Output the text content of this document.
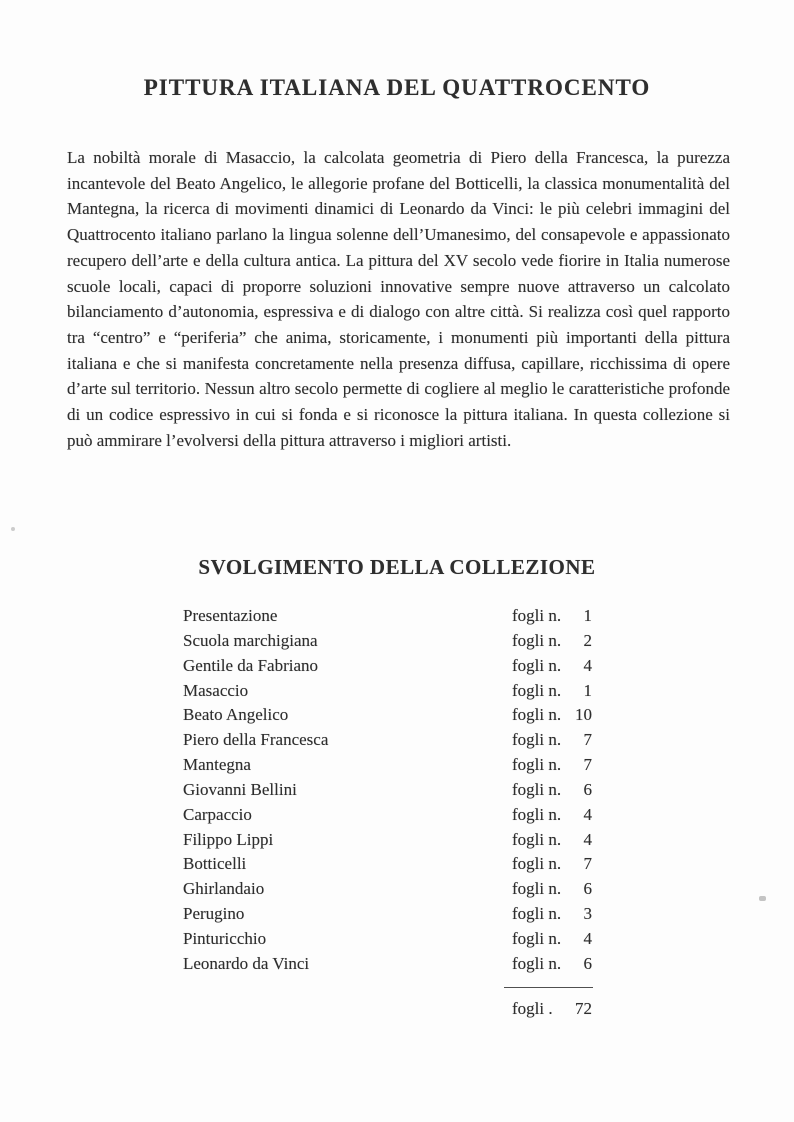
PITTURA ITALIANA DEL QUATTROCENTO
La nobiltà morale di Masaccio, la calcolata geometria di Piero della Francesca, la purezza incantevole del Beato Angelico, le allegorie profane del Botticelli, la classica monumentalità del Mantegna, la ricerca di movimenti dinamici di Leonardo da Vinci: le più celebri immagini del Quattrocento italiano parlano la lingua solenne dell’Umanesimo, del consapevole e appassionato recupero dell’arte e della cultura antica. La pittura del XV secolo vede fiorire in Italia numerose scuole locali, capaci di proporre soluzioni innovative sempre nuove attraverso un calcolato bilanciamento d’autonomia, espressiva e di dialogo con altre città. Si realizza così quel rapporto tra “centro” e “periferia” che anima, storicamente, i monumenti più importanti della pittura italiana e che si manifesta concretamente nella presenza diffusa, capillare, ricchissima di opere d’arte sul territorio. Nessun altro secolo permette di cogliere al meglio le caratteristiche profonde di un codice espressivo in cui si fonda e si riconosce la pittura italiana. In questa collezione si può ammirare l’evolversi della pittura attraverso i migliori artisti.
SVOLGIMENTO DELLA COLLEZIONE
Presentazione	fogli n.	1
Scuola marchigiana	fogli n.	2
Gentile da Fabriano	fogli n.	4
Masaccio	fogli n.	1
Beato Angelico	fogli n. 10
Piero della Francesca	fogli n.	7
Mantegna	fogli n.	7
Giovanni Bellini	fogli n.	6
Carpaccio	fogli n.	4
Filippo Lippi	fogli n.	4
Botticelli	fogli n.	7
Ghirlandaio	fogli n.	6
Perugino	fogli n.	3
Pinturicchio	fogli n.	4
Leonardo da Vinci	fogli n.	6
fogli .	72
